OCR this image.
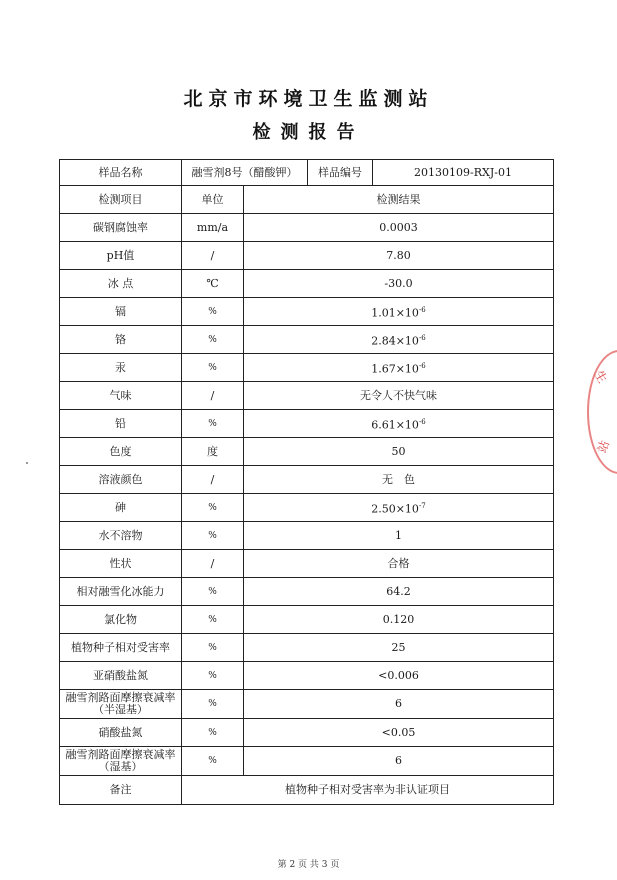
北京市环境卫生监测站
检测报告
样品名称	融雪剂8号（醋酸钾）		样品编号	20130109-RXJ-01
检测项目	单位	检测结果		
碳钢腐蚀率	mm/a	0.0003		
pH值	/	7.80		
冰 点	℃	-30.0		
镉	%	$1.01\times 10^{-6}$
铬	%	$2.84\times 10^{-6}$
汞	%	$1.67\times 10^{-6}$
气味	/	无令人不快气味		
铅	%	$6.61\times 10^{-6}$
色度	度	50		
溶液颜色	/	无　色		
砷	%	$2.50\times 10^{-7}$
水不溶物	%	1		
性状	/	合格		
相对融雪化冰能力	%	64.2		
氯化物	%	0.120		
植物种子相对受害率	%	25		
亚硝酸盐氮	%	<0.006		
融雪剂路面摩擦衰减率
（半湿基）	%	6		
硝酸盐氮	%	<0.05		
融雪剂路面摩擦衰减率
（湿基）	%	6		
备注	植物种子相对受害率为非认证项目			
生
站
第 2 页 共 3 页
